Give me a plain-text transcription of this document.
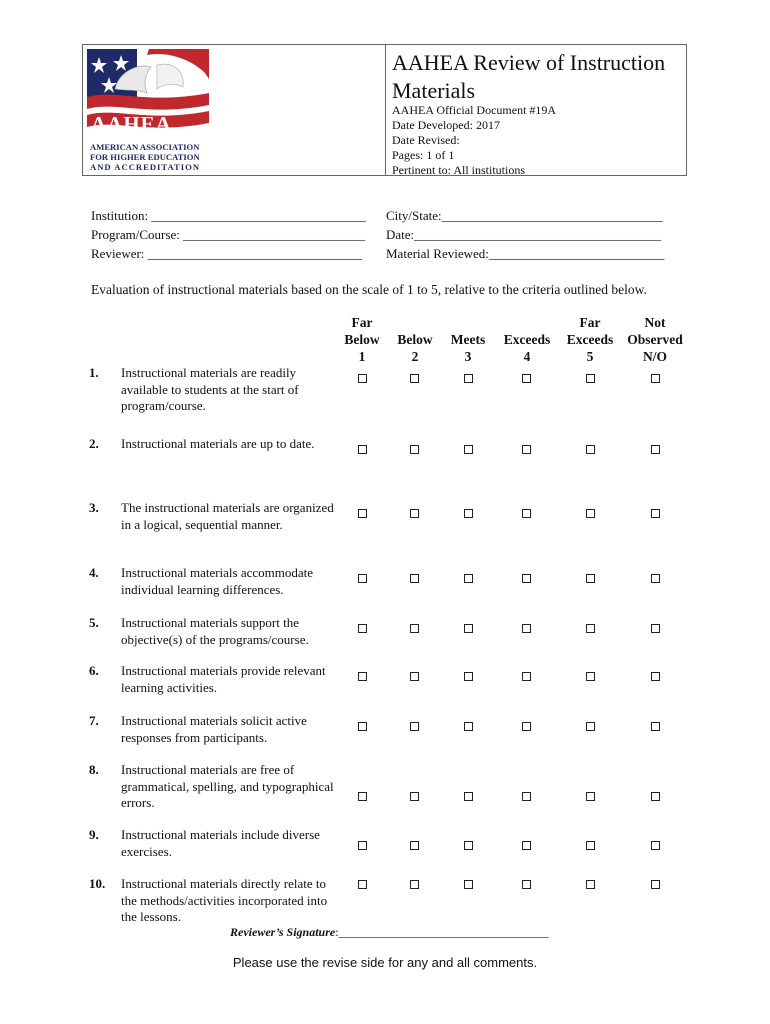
AAHEA
AMERICAN ASSOCIATION
FOR HIGHER EDUCATION
AND ACCREDITATION
AAHEA Review of Instruction Materials
AAHEA Official Document #19A
Date Developed: 2017
Date Revised:
Pages: 1 of 1
Pertinent to: All institutions
Institution: _________________________________ City/State:__________________________________
Program/Course: ____________________________ Date:______________________________________
Reviewer: _________________________________ Material Reviewed:___________________________
Evaluation of instructional materials based on the scale of 1 to 5, relative to the criteria outlined below.
Far
Below
1

Below
2

Meets
3

Exceeds
4
Far
Exceeds
5
Not
Observed
N/O
1. Instructional materials are readily available to students at the start of program/course.
2. Instructional materials are up to date.
3. The instructional materials are organized in a logical, sequential manner.
4. Instructional materials accommodate individual learning differences.
5. Instructional materials support the objective(s) of the programs/course.
6. Instructional materials provide relevant learning activities.
7. Instructional materials solicit active responses from participants.
8. Instructional materials are free of grammatical, spelling, and typographical errors.
9. Instructional materials include diverse exercises.
10. Instructional materials directly relate to the methods/activities incorporated into the lessons.
Reviewer’s Signature:___________________________________
Please use the revise side for any and all comments.
